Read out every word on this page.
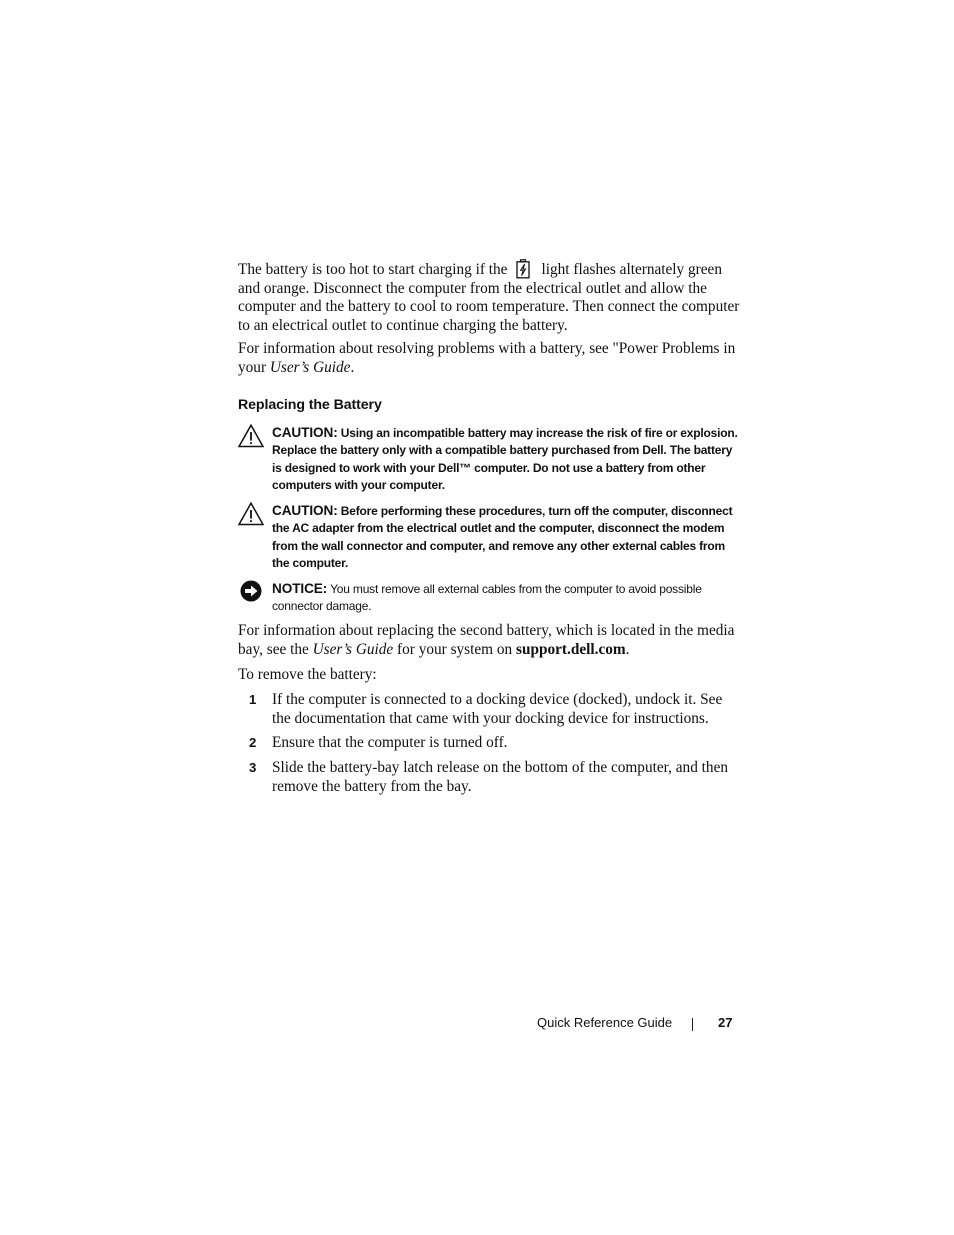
The battery is too hot to start charging if the light flashes alternately green and orange. Disconnect the computer from the electrical outlet and allow the computer and the battery to cool to room temperature. Then connect the computer to an electrical outlet to continue charging the battery.

For information about resolving problems with a battery, see "Power Problems in your User’s Guide.

Replacing the Battery
CAUTION: Using an incompatible battery may increase the risk of fire or explosion. Replace the battery only with a compatible battery purchased from Dell. The battery is designed to work with your Dell™ computer. Do not use a battery from other computers with your computer.
CAUTION: Before performing these procedures, turn off the computer, disconnect the AC adapter from the electrical outlet and the computer, disconnect the modem from the wall connector and computer, and remove any other external cables from the computer.
NOTICE: You must remove all external cables from the computer to avoid possible connector damage.

For information about replacing the second battery, which is located in the media bay, see the User’s Guide for your system on support.dell.com.

To remove the battery:

1 If the computer is connected to a docking device (docked), undock it. See the documentation that came with your docking device for instructions.
2 Ensure that the computer is turned off.
3 Slide the battery-bay latch release on the bottom of the computer, and then remove the battery from the bay.
Quick Reference Guide	27
